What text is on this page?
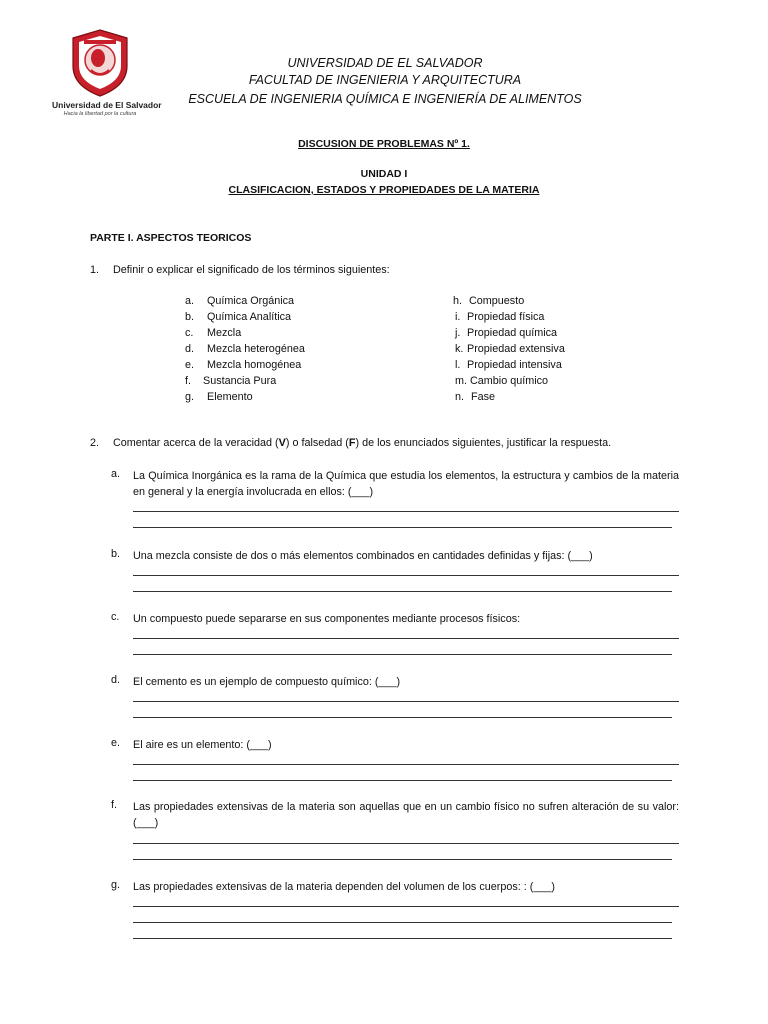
Universidad de El Salvador
Hacia la libertad por la cultura
UNIVERSIDAD DE EL SALVADOR
FACULTAD DE INGENIERIA Y ARQUITECTURA
ESCUELA DE INGENIERIA QUÍMICA E INGENIERÍA DE ALIMENTOS
DISCUSION DE PROBLEMAS Nº 1.
UNIDAD I
CLASIFICACION, ESTADOS Y PROPIEDADES DE LA MATERIA
PARTE I. ASPECTOS TEORICOS
1. Definir o explicar el significado de los términos siguientes:
a. Química Orgánica
b. Química Analítica
c. Mezcla
d. Mezcla heterogénea
e. Mezcla homogénea
f. Sustancia Pura
g. Elemento
h. Compuesto
i. Propiedad física
j. Propiedad química
k. Propiedad extensiva
l. Propiedad intensiva
m. Cambio químico
n. Fase
2. Comentar acerca de la veracidad (V) o falsedad (F) de los enunciados siguientes, justificar la respuesta.
a. La Química Inorgánica es la rama de la Química que estudia los elementos, la estructura y cambios de la materia en general y la energía involucrada en ellos: (___)
b. Una mezcla consiste de dos o más elementos combinados en cantidades definidas y fijas: (___)
c. Un compuesto puede separarse en sus componentes mediante procesos físicos:
d. El cemento es un ejemplo de compuesto químico: (___)
e. El aire es un elemento: (___)
f. Las propiedades extensivas de la materia son aquellas que en un cambio físico no sufren alteración de su valor: (___)
g. Las propiedades extensivas de la materia dependen del volumen de los cuerpos: : (___)
